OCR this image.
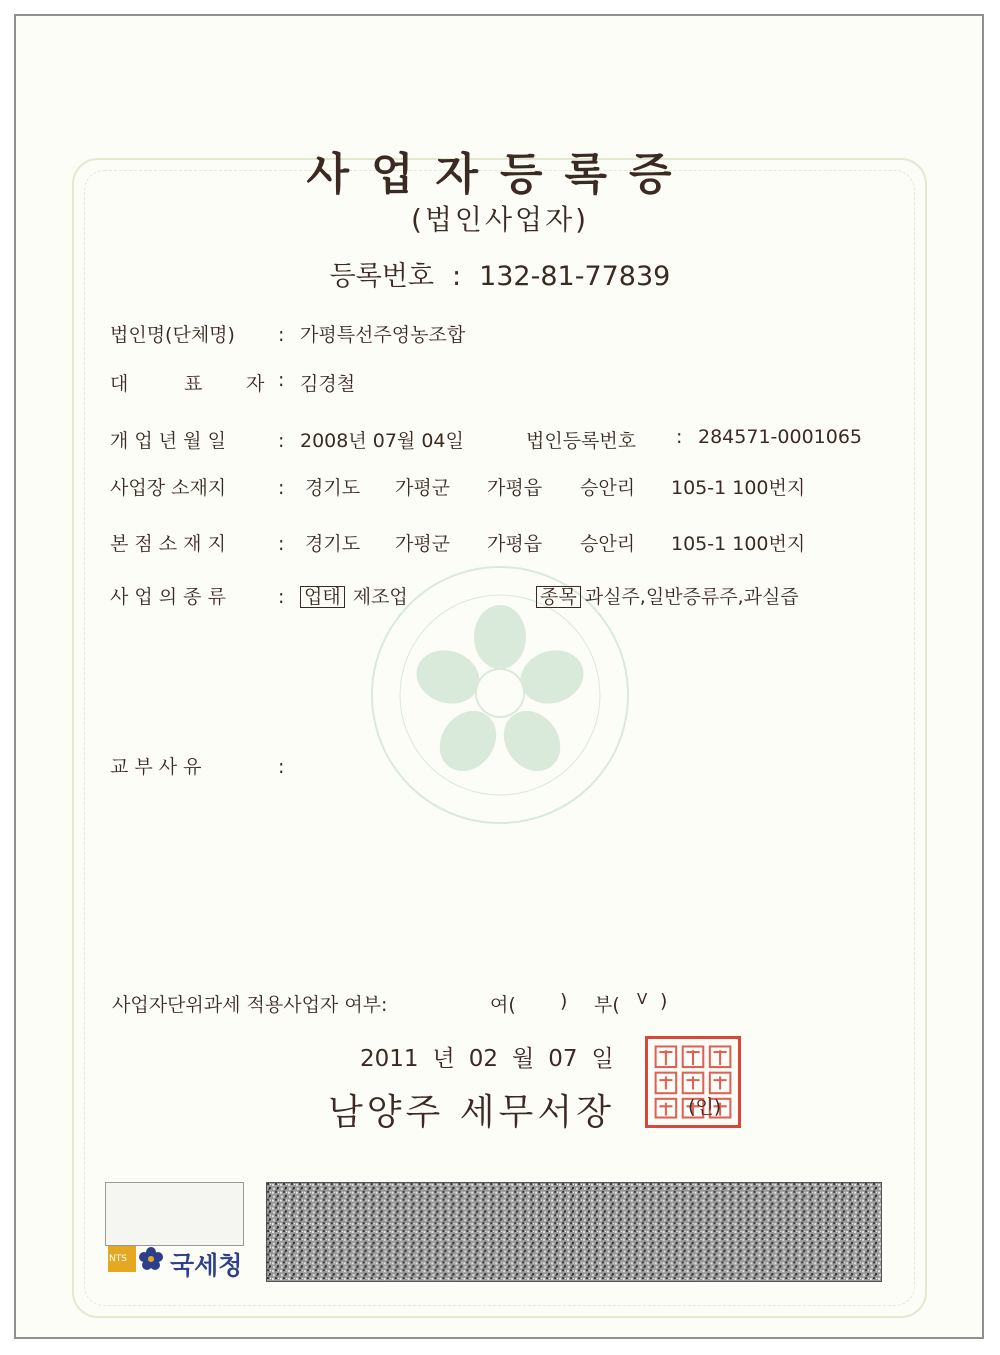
사업자등록증
(법인사업자)
등록번호 : 132-81-77839
법인명(단체명) : 가평특선주영농조합
대	표 자 : 김경철
개 업 년 월 일	: 2008년 07월 04일	법인등록번호 : 284571-0001065
사업장 소재지	: 경기도 가평군 가평읍 승안리 105-1 100번지
본 점 소 재 지	: 경기도 가평군 가평읍 승안리 105-1 100번지
사 업 의 종 류	: 업태 제조업	종목 과실주,일반증류주,과실즙
교 부 사 유	:
사업자단위과세 적용사업자 여부:	여( ) 부( V )
2011 년 02 월 07 일
남양주 세무서장	(인)
NTS 국세청
